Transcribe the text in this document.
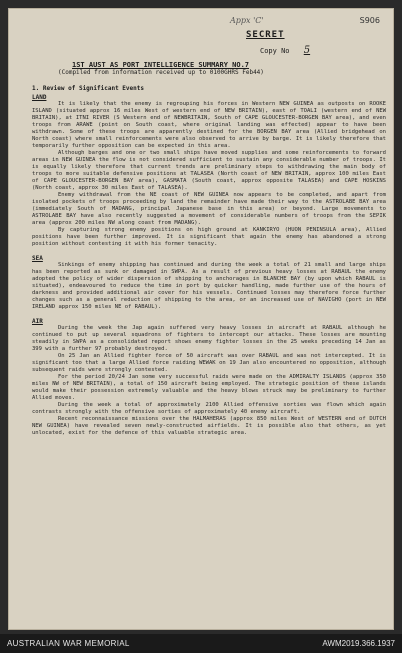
Appx 'C'	S906
SECRET
Copy No 5
1ST AUST AS PORT INTELLIGENCE SUMMARY NO.7
(Compiled from information received up to 0100GHRS Feb44)
1. Review of Significant Events
LAND

It is likely that the enemy is regrouping his forces in Western NEW GUINEA as outposts on ROOKE ISLAND (situated approx 16 miles West of western end of NEW BRITAIN), east of TOALI (western end of NEW BRITAIN), at ITNI RIVER (S Western end of NEWBRITAIN, South of CAPE GLOUCESTER-BORGEN BAY area), and even troops from ARAWE (point on South coast, where original landing was effected) appear to have been withdrawn. Some of these troops are apparently destined for the BORGEN BAY area (Allied bridgehead on North coast) where small reinforcements were also observed to arrive by barge. It is likely therefore that temporarily further opposition can be expected in this area.

Although barges and one or two small ships have moved supplies and some reinforcements to forward areas in NEW GUINEA the flow is not considered sufficient to sustain any considerable number of troops. It is equally likely therefore that current trends are preliminary steps to withdrawing the main body of troops to more suitable defensive positions at TALASEA (North coast of NEW BRITAIN, approx 100 miles East of CAPE GLOUCESTER-BORGEN BAY area), GASMATA (South coast, approx opposite TALASEA) and CAPE HOSKINS (North coast, approx 30 miles East of TALASEA).

Enemy withdrawal from the NE coast of NEW GUINEA now appears to be completed, and apart from isolated pockets of troops proceeding by land the remainder have made their way to the ASTROLABE BAY area (immediately South of MADANG, principal Japanese base in this area) or beyond. Large movements to ASTROLABE BAY have also recently suggested a movement of considerable numbers of troops from the SEPIK area (approx 200 miles NW along coast from MADANG).

By capturing strong enemy positions on high ground at KANKIRYO (HUON PENINSULA area), Allied positions have been further improved. It is significant that again the enemy has abandoned a strong position without contesting it with his former tenacity.

SEA

Sinkings of enemy shipping has continued and during the week a total of 21 small and large ships has been reported as sunk or damaged in SWPA. As a result of previous heavy losses at RABAUL the enemy adopted the policy of wider dispersion of shipping to anchorages in BLANCHE BAY (by upon which RABAUL is situated), endeavoured to reduce the time in port by quicker handling, made further use of the hours of darkness and provided additional air cover for his vessels. Continued losses may therefore force further changes such as a general reduction of shipping to the area, or an increased use of NAVIGHO (port in NEW IRELAND approx 150 miles NE of RABAUL).

AIR

During the week the Jap again suffered very heavy losses in aircraft at RABAUL although he continued to put up several squadrons of fighters to intercept our attacks. These losses are mounting steadily in SWPA as a consolidated report shows enemy fighter losses in the 25 weeks preceding 14 Jan as 399 with a further 97 probably destroyed.

On 25 Jan an Allied fighter force of 50 aircraft was over RABAUL and was not intercepted. It is significant too that a large Allied force raiding WEWAK on 19 Jan also encountered no opposition, although subsequent raids were strongly contested.

For the period 20/24 Jan some very successful raids were made on the ADMIRALTY ISLANDS (approx 350 miles NW of NEW BRITAIN), a total of 150 aircraft being employed. The strategic position of these islands would make their possession extremely valuable and the heavy blows struck may be preliminary to further Allied moves.

During the week a total of approximately 2100 Allied offensive sorties was flown which again contrasts strongly with the offensive sorties of approximately 40 enemy aircraft.

Recent reconnaissance missions over the HALMAHERAS (approx 850 miles West of WESTERN end of DUTCH NEW GUINEA) have revealed seven newly-constructed airfields. It is possible also that others, as yet unlocated, exist for the defence of this valuable strategic area.

AUSTRALIAN WAR MEMORIAL	AWM2019.366.1937
